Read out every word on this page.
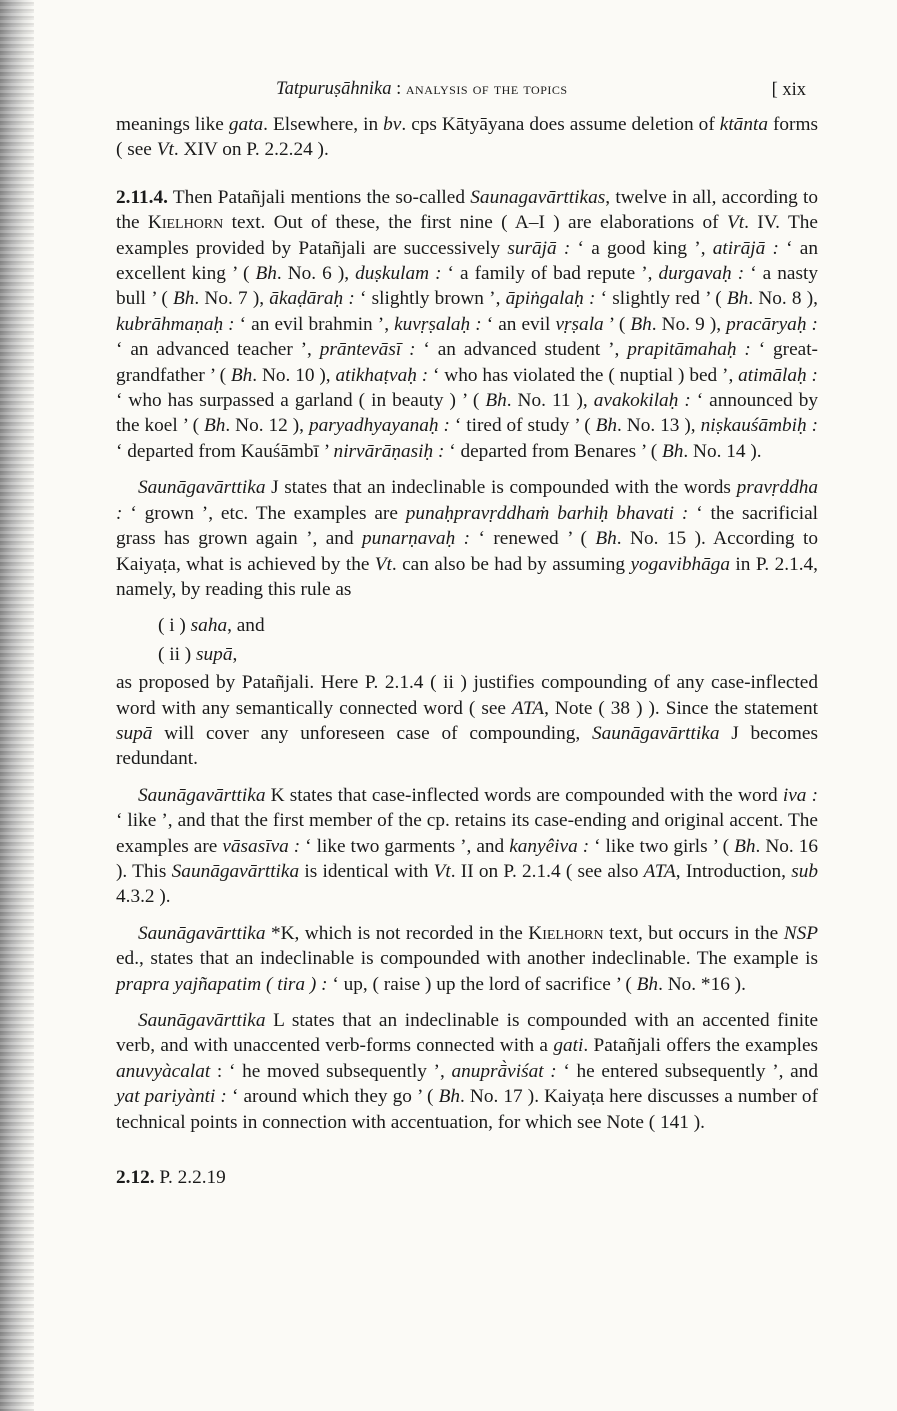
Tatpuruṣāhnika : analysis of the topics	[ xix

meanings like gata. Elsewhere, in bv. cps Kātyāyana does assume deletion of ktānta forms ( see Vt. XIV on P. 2.2.24 ).

2.11.4. Then Patañjali mentions the so-called Saunagavārttikas, twelve in all, according to the Kielhorn text. Out of these, the first nine ( A–I ) are elaborations of Vt. IV. The examples provided by Patañjali are successively surājā : ‘ a good king ’, atirājā : ‘ an excellent king ’ ( Bh. No. 6 ), duṣkulam : ‘ a family of bad repute ’, durgavaḥ : ‘ a nasty bull ’ ( Bh. No. 7 ), ākaḍāraḥ : ‘ slightly brown ’, āpiṅgalaḥ : ‘ slightly red ’ ( Bh. No. 8 ), kubrāhmaṇaḥ : ‘ an evil brahmin ’, kuvṛṣalaḥ : ‘ an evil vṛṣala ’ ( Bh. No. 9 ), pracāryaḥ : ‘ an advanced teacher ’, prāntevāsī : ‘ an advanced student ’, prapitāmahaḥ : ‘ great-grandfather ’ ( Bh. No. 10 ), atikhaṭvaḥ : ‘ who has violated the ( nuptial ) bed ’, atimālaḥ : ‘ who has surpassed a garland ( in beauty ) ’ ( Bh. No. 11 ), avakokilaḥ : ‘ announced by the koel ’ ( Bh. No. 12 ), paryadhyayanaḥ : ‘ tired of study ’ ( Bh. No. 13 ), niṣkauśāmbiḥ : ‘ departed from Kauśāmbī ’ nirvārāṇasiḥ : ‘ departed from Benares ’ ( Bh. No. 14 ).

Saunāgavārttika J states that an indeclinable is compounded with the words pravṛddha : ‘ grown ’, etc. The examples are punaḥpravṛddhaṁ barhiḥ bhavati : ‘ the sacrificial grass has grown again ’, and punarṇavaḥ : ‘ renewed ’ ( Bh. No. 15 ). According to Kaiyaṭa, what is achieved by the Vt. can also be had by assuming yogavibhāga in P. 2.1.4, namely, by reading this rule as

( i ) saha, and
( ii ) supā,

as proposed by Patañjali. Here P. 2.1.4 ( ii ) justifies compounding of any case-inflected word with any semantically connected word ( see ATA, Note ( 38 ) ). Since the statement supā will cover any unforeseen case of compounding, Saunāgavārttika J becomes redundant.

Saunāgavārttika K states that case-inflected words are compounded with the word iva : ‘ like ’, and that the first member of the cp. retains its case-ending and original accent. The examples are vāsasīva : ‘ like two garments ’, and kanyêiva : ‘ like two girls ’ ( Bh. No. 16 ). This Saunāgavārttika is identical with Vt. II on P. 2.1.4 ( see also ATA, Introduction, sub 4.3.2 ).

Saunāgavārttika *K, which is not recorded in the Kielhorn text, but occurs in the NSP ed., states that an indeclinable is compounded with another indeclinable. The example is prapra yajñapatim ( tira ) : ‘ up, ( raise ) up the lord of sacrifice ’ ( Bh. No. *16 ).

Saunāgavārttika L states that an indeclinable is compounded with an accented finite verb, and with unaccented verb-forms connected with a gati. Patañjali offers the examples anuvyàcalat : ‘ he moved subsequently ’, anuprā̀viśat : ‘ he entered subsequently ’, and yat pariyànti : ‘ around which they go ’ ( Bh. No. 17 ). Kaiyaṭa here discusses a number of technical points in connection with accentuation, for which see Note ( 141 ).

2.12. P. 2.2.19
